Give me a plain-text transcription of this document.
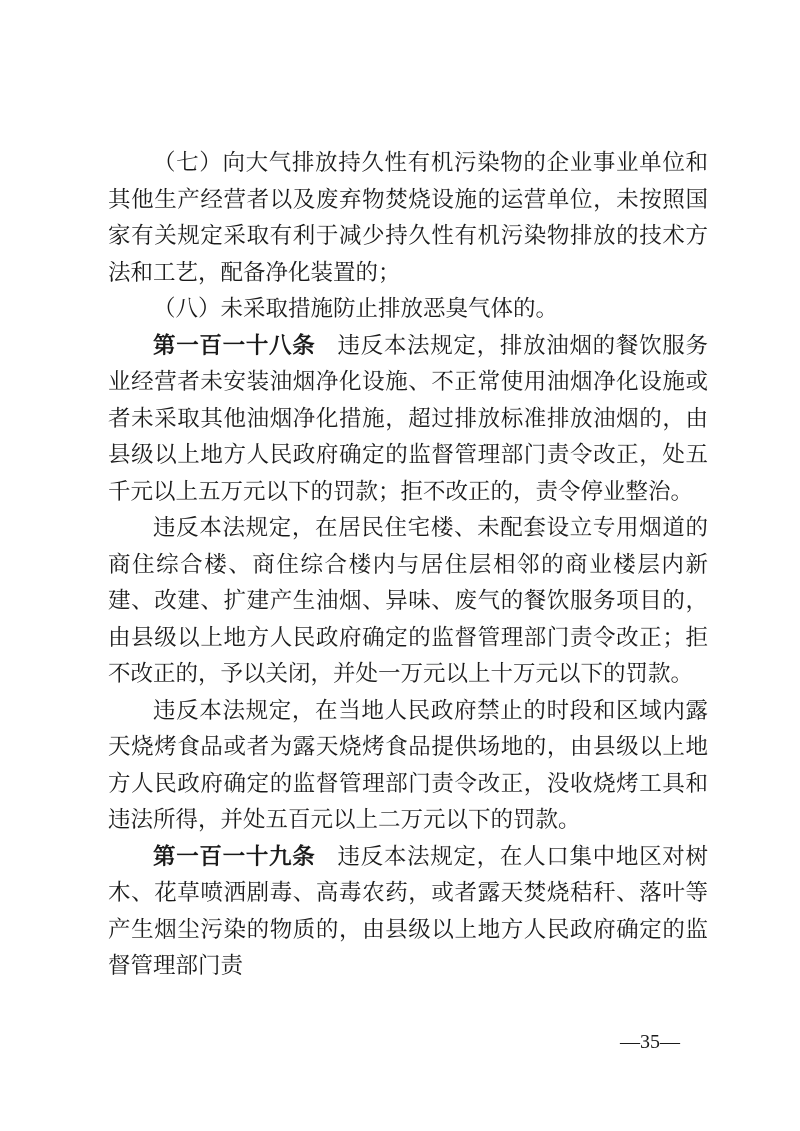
（七）向大气排放持久性有机污染物的企业事业单位和其他生产经营者以及废弃物焚烧设施的运营单位，未按照国家有关规定采取有利于减少持久性有机污染物排放的技术方法和工艺，配备净化装置的；

（八）未采取措施防止排放恶臭气体的。

第一百一十八条 违反本法规定，排放油烟的餐饮服务业经营者未安装油烟净化设施、不正常使用油烟净化设施或者未采取其他油烟净化措施，超过排放标准排放油烟的，由县级以上地方人民政府确定的监督管理部门责令改正，处五千元以上五万元以下的罚款；拒不改正的，责令停业整治。

违反本法规定，在居民住宅楼、未配套设立专用烟道的商住综合楼、商住综合楼内与居住层相邻的商业楼层内新建、改建、扩建产生油烟、异味、废气的餐饮服务项目的，由县级以上地方人民政府确定的监督管理部门责令改正；拒不改正的，予以关闭，并处一万元以上十万元以下的罚款。

违反本法规定，在当地人民政府禁止的时段和区域内露天烧烤食品或者为露天烧烤食品提供场地的，由县级以上地方人民政府确定的监督管理部门责令改正，没收烧烤工具和违法所得，并处五百元以上二万元以下的罚款。

第一百一十九条 违反本法规定，在人口集中地区对树木、花草喷洒剧毒、高毒农药，或者露天焚烧秸秆、落叶等产生烟尘污染的物质的，由县级以上地方人民政府确定的监督管理部门责

—35—
